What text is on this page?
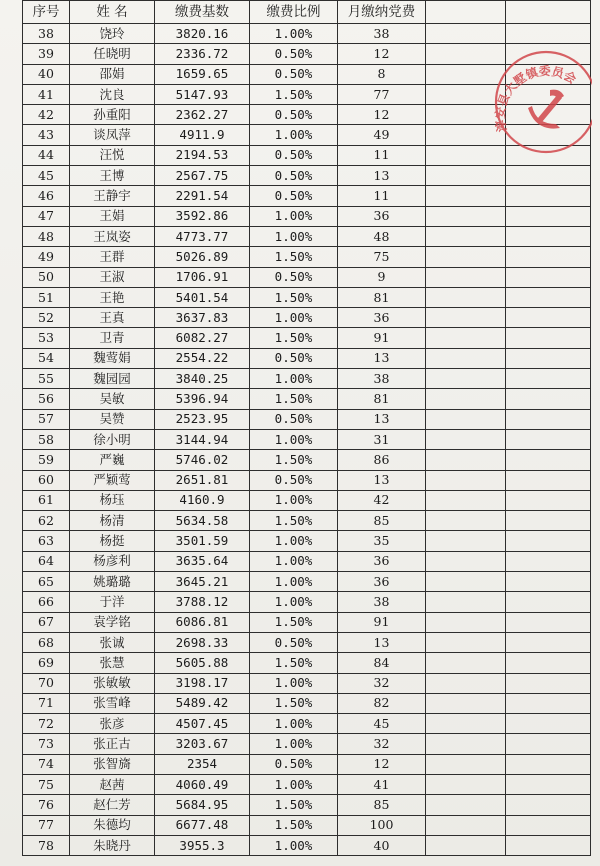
序号	姓 名	缴费基数	缴费比例	月缴纳党费		
38	饶玲	3820.16	1.00%	38		
39	任晓明	2336.72	0.50%	12		
40	邵娟	1659.65	0.50%	8		
41	沈良	5147.93	1.50%	77		
42	孙重阳	2362.27	0.50%	12		
43	谈凤萍	4911.9	1.00%	49		
44	汪悦	2194.53	0.50%	11		
45	王博	2567.75	0.50%	13		
46	王静宇	2291.54	0.50%	11		
47	王娟	3592.86	1.00%	36		
48	王岚姿	4773.77	1.00%	48		
49	王群	5026.89	1.50%	75		
50	王淑	1706.91	0.50%	9		
51	王艳	5401.54	1.50%	81		
52	王真	3637.83	1.00%	36		
53	卫青	6082.27	1.50%	91		
54	魏莺娟	2554.22	0.50%	13		
55	魏园园	3840.25	1.00%	38		
56	吴敏	5396.94	1.50%	81		
57	吴赞	2523.95	0.50%	13		
58	徐小明	3144.94	1.00%	31		
59	严巍	5746.02	1.50%	86		
60	严颖莺	2651.81	0.50%	13		
61	杨珏	4160.9	1.00%	42		
62	杨清	5634.58	1.50%	85		
63	杨挺	3501.59	1.00%	35		
64	杨彦利	3635.64	1.00%	36		
65	姚璐璐	3645.21	1.00%	36		
66	于洋	3788.12	1.00%	38		
67	袁学铭	6086.81	1.50%	91		
68	张诚	2698.33	0.50%	13		
69	张慧	5605.88	1.50%	84		
70	张敏敏	3198.17	1.00%	32		
71	张雪峰	5489.42	1.50%	82		
72	张彦	4507.45	1.00%	45		
73	张正古	3203.67	1.00%	32		
74	张智旖	2354	0.50%	12		
75	赵茜	4060.49	1.00%	41		
76	赵仁芳	5684.95	1.50%	85		
77	朱德均	6677.48	1.50%	100		
78	朱晓丹	3955.3	1.00%	40		
淳安县大墅镇委员会
